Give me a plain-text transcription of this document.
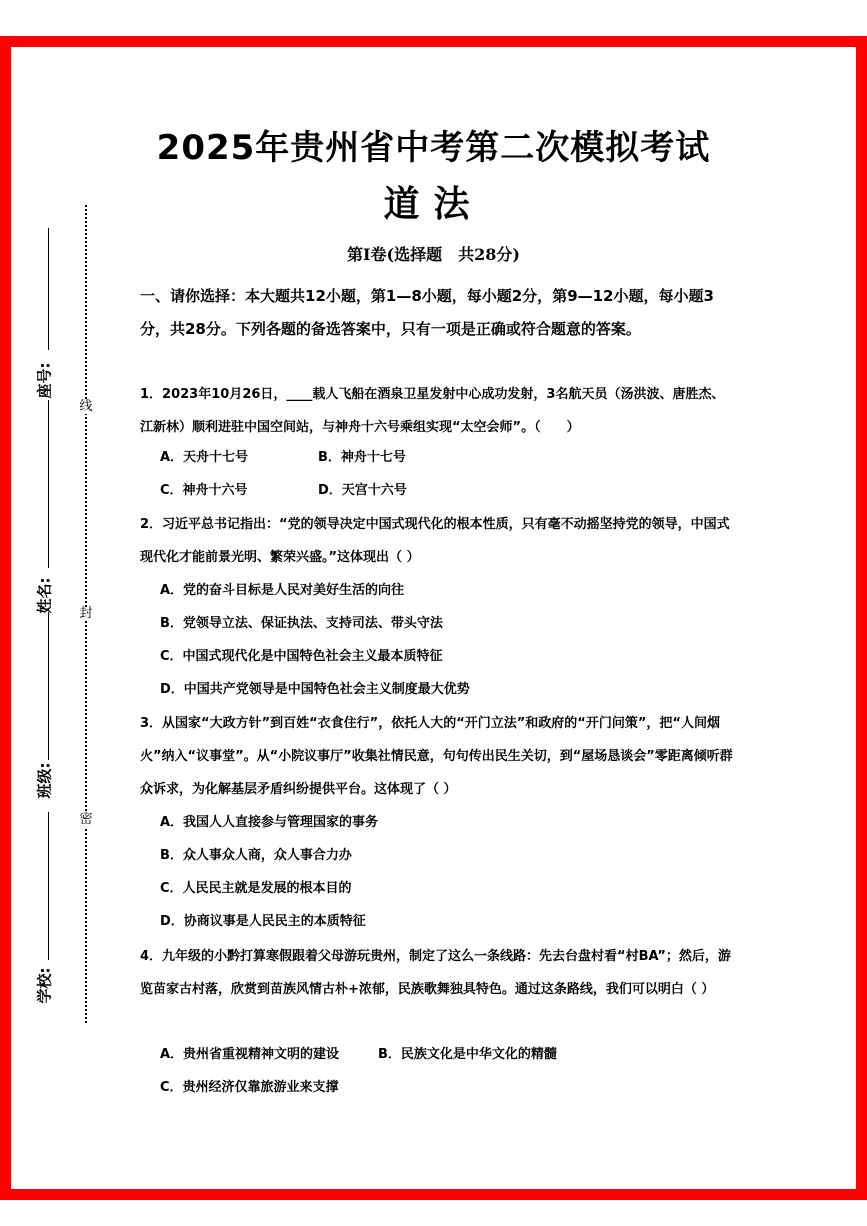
线
封
密
座号:
姓名:
班级:
学校:
2025年贵州省中考第二次模拟考试
道法
第Ⅰ卷(选择题　共28分)
一、请你选择：本大题共12小题，第1—8小题，每小题2分，第9—12小题，每小题3分，共28分。下列各题的备选答案中，只有一项是正确或符合题意的答案。
1．2023年10月26日，____载人飞船在酒泉卫星发射中心成功发射，3名航天员（汤洪波、唐胜杰、江新林）顺利进驻中国空间站，与神舟十六号乘组实现“太空会师”。（　　）
A．天舟十七号	B．神舟十七号
C．神舟十六号	D．天宫十六号
2．习近平总书记指出：“党的领导决定中国式现代化的根本性质，只有毫不动摇坚持党的领导，中国式现代化才能前景光明、繁荣兴盛。”这体现出（ ）
A．党的奋斗目标是人民对美好生活的向往
B．党领导立法、保证执法、支持司法、带头守法
C．中国式现代化是中国特色社会主义最本质特征
D．中国共产党领导是中国特色社会主义制度最大优势
3．从国家“大政方针”到百姓“衣食住行”，依托人大的“开门立法”和政府的“开门问策”，把“人间烟火”纳入“议事堂”。从“小院议事厅”收集社情民意，句句传出民生关切，到“屋场恳谈会”零距离倾听群众诉求，为化解基层矛盾纠纷提供平台。这体现了（ ）
A．我国人人直接参与管理国家的事务
B．众人事众人商，众人事合力办
C．人民民主就是发展的根本目的
D．协商议事是人民民主的本质特征
4．九年级的小黔打算寒假跟着父母游玩贵州，制定了这么一条线路：先去台盘村看“村BA”；然后，游览苗家古村落，欣赏到苗族风情古朴+浓郁，民族歌舞独具特色。通过这条路线，我们可以明白（ ）
A．贵州省重视精神文明的建设	B．民族文化是中华文化的精髓
C．贵州经济仅靠旅游业来支撑
